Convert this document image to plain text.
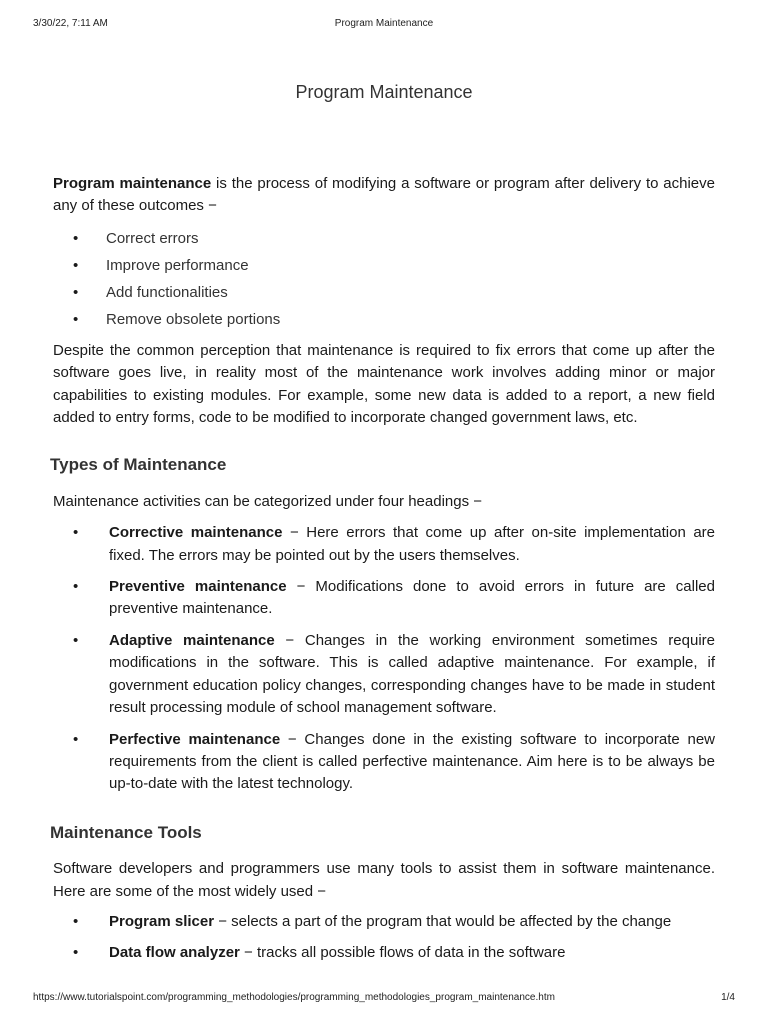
3/30/22, 7:11 AM	Program Maintenance
Program Maintenance

Program maintenance is the process of modifying a software or program after delivery to achieve any of these outcomes −

• Correct errors
• Improve performance
• Add functionalities
• Remove obsolete portions

Despite the common perception that maintenance is required to fix errors that come up after the software goes live, in reality most of the maintenance work involves adding minor or major capabilities to existing modules. For example, some new data is added to a report, a new field added to entry forms, code to be modified to incorporate changed government laws, etc.

Types of Maintenance

Maintenance activities can be categorized under four headings −

• Corrective maintenance − Here errors that come up after on-site implementation are fixed. The errors may be pointed out by the users themselves.
• Preventive maintenance − Modifications done to avoid errors in future are called preventive maintenance.
• Adaptive maintenance − Changes in the working environment sometimes require modifications in the software. This is called adaptive maintenance. For example, if government education policy changes, corresponding changes have to be made in student result processing module of school management software.
• Perfective maintenance − Changes done in the existing software to incorporate new requirements from the client is called perfective maintenance. Aim here is to be always be up-to-date with the latest technology.
Maintenance Tools

Software developers and programmers use many tools to assist them in software maintenance. Here are some of the most widely used −

• Program slicer − selects a part of the program that would be affected by the change
• Data flow analyzer − tracks all possible flows of data in the software
https://www.tutorialspoint.com/programming_methodologies/programming_methodologies_program_maintenance.htm	1/4
